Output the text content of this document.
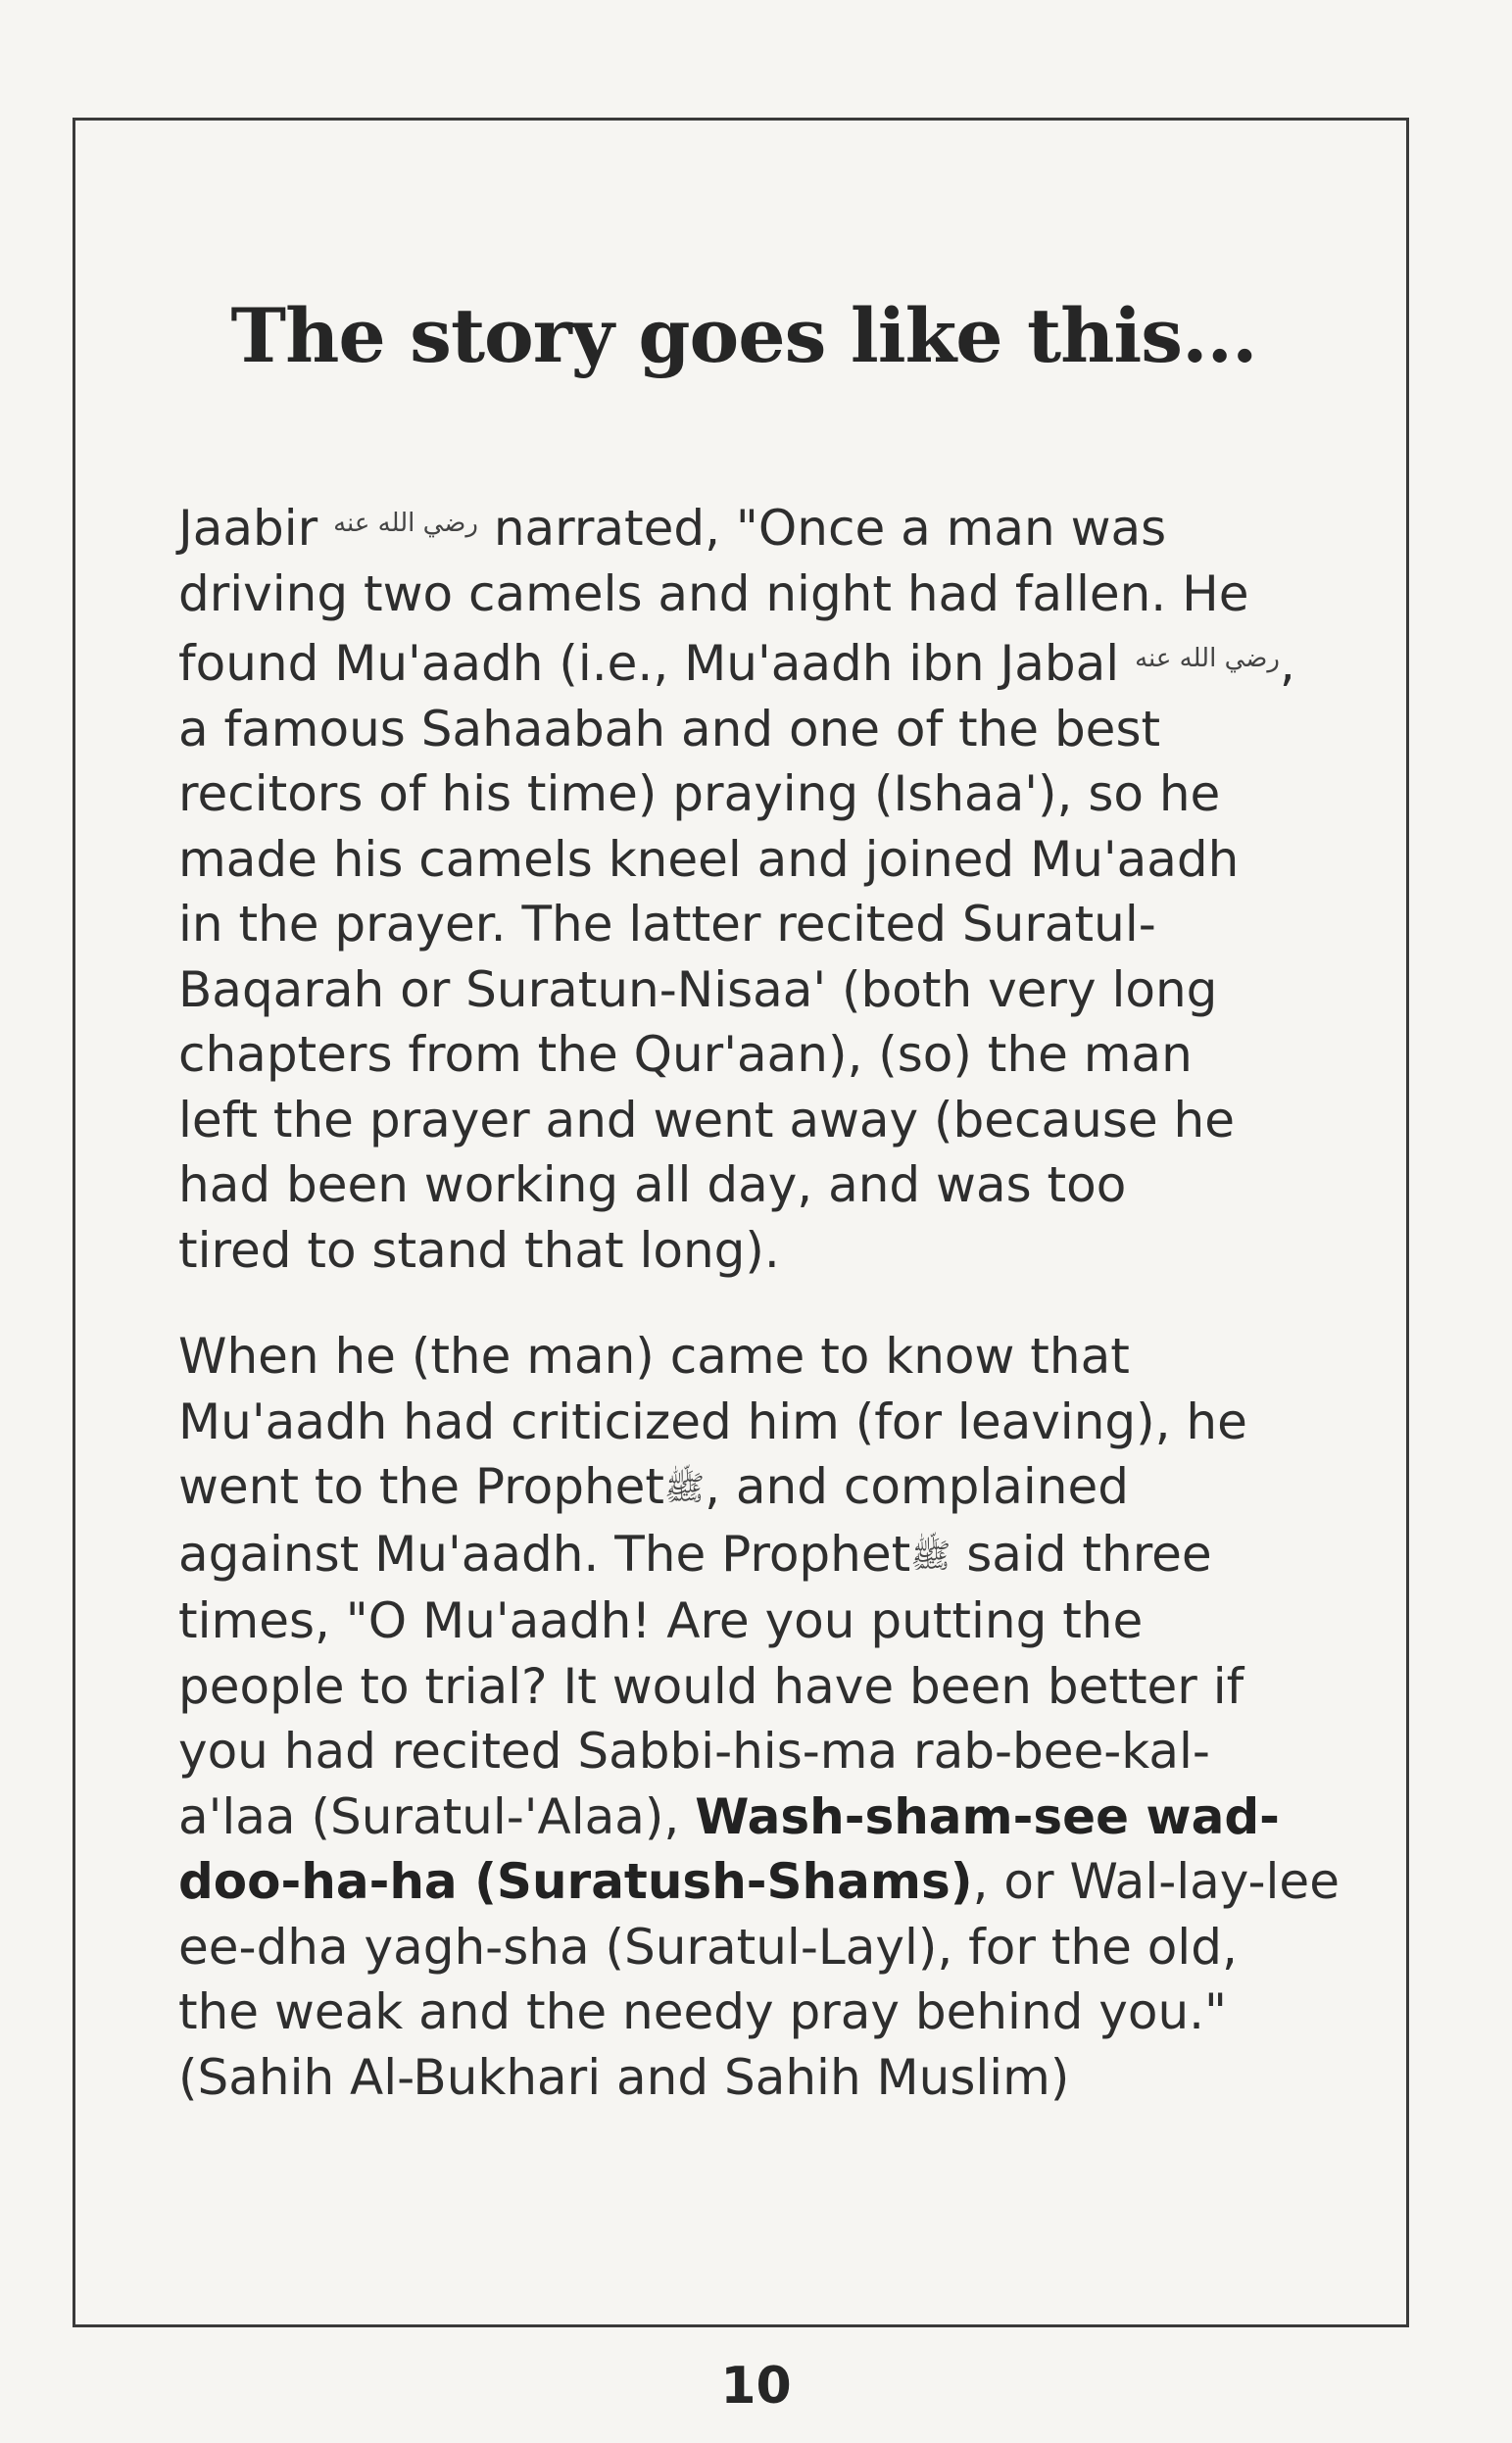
The story goes like this...

Jaabir $^{رضي الله عنه}$ narrated, "Once a man was

driving two camels and night had fallen. He

found Mu'aadh (i.e., Mu'aadh ibn Jabal $^{رضي الله عنه}$,

a famous Sahaabah and one of the best

recitors of his time) praying (Ishaa'), so he

made his camels kneel and joined Mu'aadh

in the prayer. The latter recited Suratul-

Baqarah or Suratun-Nisaa' (both very long

chapters from the Qur'aan), (so) the man

left the prayer and went away (because he

had been working all day, and was too

tired to stand that long).

When he (the man) came to know that

Mu'aadh had criticized him (for leaving), he

went to the Prophetﷺ, and complained

against Mu'aadh. The Prophetﷺ said three

times, "O Mu'aadh! Are you putting the

people to trial? It would have been better if

you had recited Sabbi-his-ma rab-bee-kal-

a'laa (Suratul-'Alaa), Wash-sham-see wad-

doo-ha-ha (Suratush-Shams), or Wal-lay-lee

ee-dha yagh-sha (Suratul-Layl), for the old,

the weak and the needy pray behind you."

(Sahih Al-Bukhari and Sahih Muslim)

10
